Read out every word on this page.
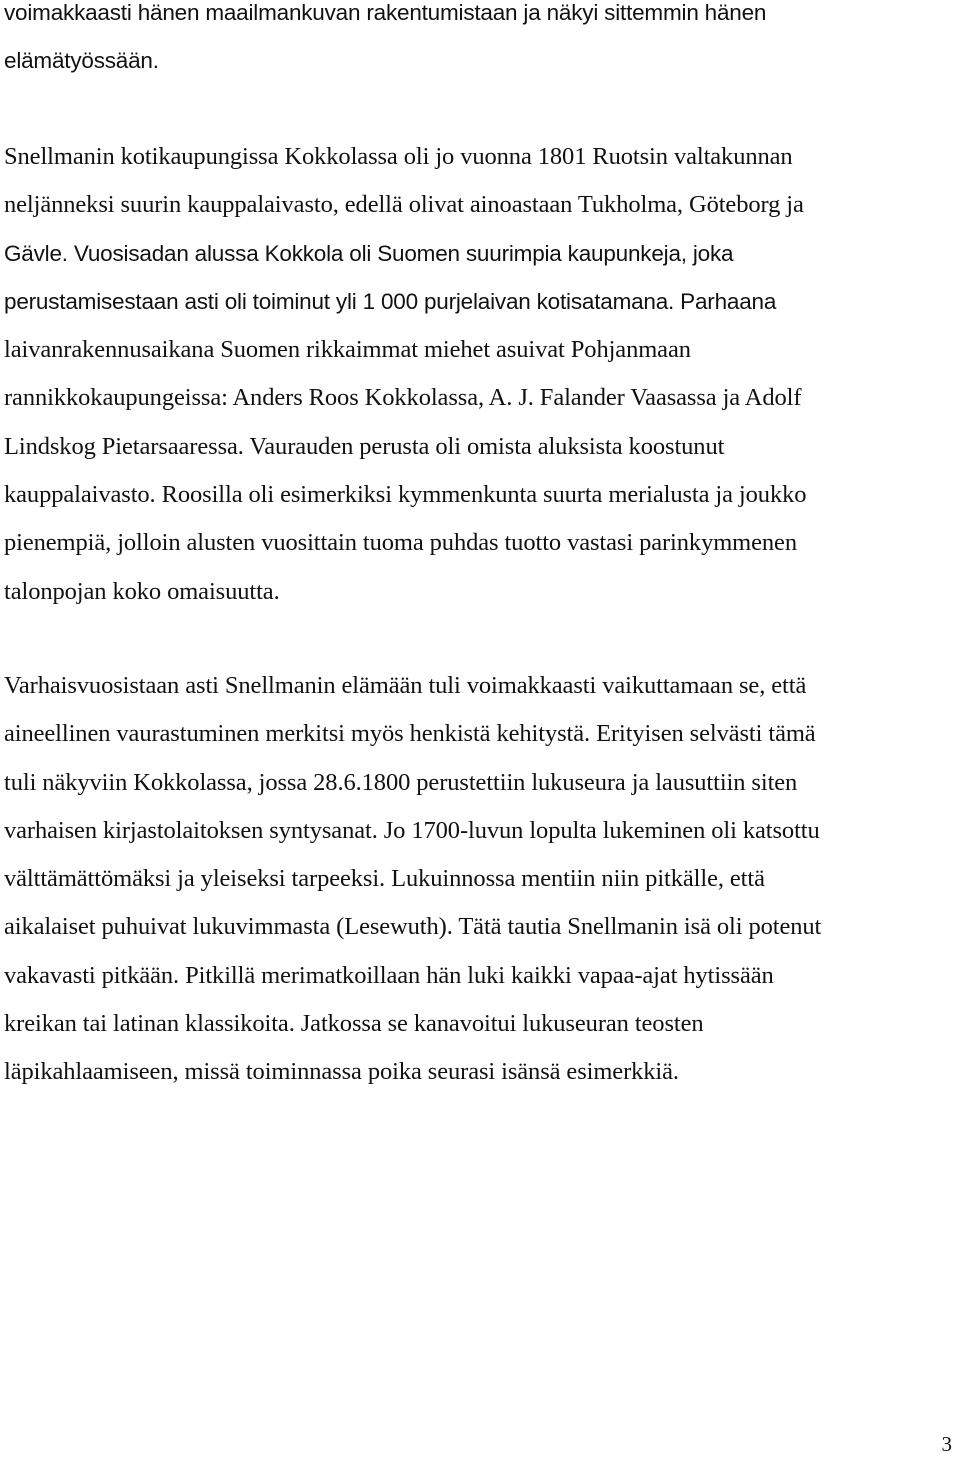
voimakkaasti hänen maailmankuvan rakentumistaan ja näkyi sittemmin hänen
elämätyössään.

Snellmanin kotikaupungissa Kokkolassa oli jo vuonna 1801 Ruotsin valtakunnan
neljänneksi suurin kauppalaivasto, edellä olivat ainoastaan Tukholma, Göteborg ja
Gävle. Vuosisadan alussa Kokkola oli Suomen suurimpia kaupunkeja, joka
perustamisestaan asti oli toiminut yli 1 000 purjelaivan kotisatamana. Parhaana
laivanrakennusaikana Suomen rikkaimmat miehet asuivat Pohjanmaan
rannikkokaupungeissa: Anders Roos Kokkolassa, A. J. Falander Vaasassa ja Adolf
Lindskog Pietarsaaressa. Vaurauden perusta oli omista aluksista koostunut
kauppalaivasto. Roosilla oli esimerkiksi kymmenkunta suurta merialusta ja joukko
pienempiä, jolloin alusten vuosittain tuoma puhdas tuotto vastasi parinkymmenen
talonpojan koko omaisuutta.

Varhaisvuosistaan asti Snellmanin elämään tuli voimakkaasti vaikuttamaan se, että
aineellinen vaurastuminen merkitsi myös henkistä kehitystä. Erityisen selvästi tämä
tuli näkyviin Kokkolassa, jossa 28.6.1800 perustettiin lukuseura ja lausuttiin siten
varhaisen kirjastolaitoksen syntysanat. Jo 1700-luvun lopulta lukeminen oli katsottu
välttämättömäksi ja yleiseksi tarpeeksi. Lukuinnossa mentiin niin pitkälle, että
aikalaiset puhuivat lukuvimmasta (Lesewuth). Tätä tautia Snellmanin isä oli potenut
vakavasti pitkään. Pitkillä merimatkoillaan hän luki kaikki vapaa-ajat hytissään
kreikan tai latinan klassikoita. Jatkossa se kanavoitui lukuseuran teosten
läpikahlaamiseen, missä toiminnassa poika seurasi isänsä esimerkkiä.

3
